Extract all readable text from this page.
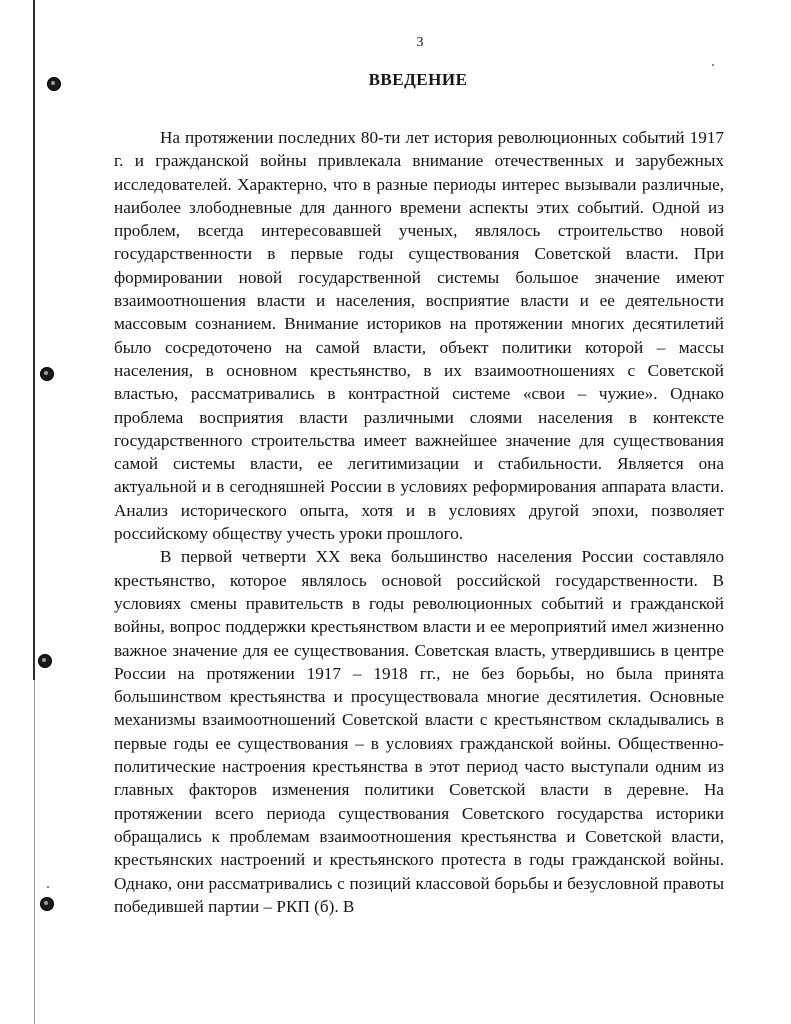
3
ВВЕДЕНИЕ

На протяжении последних 80-ти лет история революционных событий 1917 г. и гражданской войны привлекала внимание отечественных и зарубежных исследователей. Характерно, что в разные периоды интерес вызывали различные, наиболее злободневные для данного времени аспекты этих событий. Одной из проблем, всегда интересовавшей ученых, являлось строительство новой государственности в первые годы существования Советской власти. При формировании новой государственной системы большое значение имеют взаимоотношения власти и населения, восприятие власти и ее деятельности массовым сознанием. Внимание историков на протяжении многих десятилетий было сосредоточено на самой власти, объект политики которой – массы населения, в основном крестьянство, в их взаимоотношениях с Советской властью, рассматривались в контрастной системе «свои – чужие». Однако проблема восприятия власти различными слоями населения в контексте государственного строительства имеет важнейшее значение для существования самой системы власти, ее легитимизации и стабильности. Является она актуальной и в сегодняшней России в условиях реформирования аппарата власти. Анализ исторического опыта, хотя и в условиях другой эпохи, позволяет российскому обществу учесть уроки прошлого.

В первой четверти XX века большинство населения России составляло крестьянство, которое являлось основой российской государственности. В условиях смены правительств в годы революционных событий и гражданской войны, вопрос поддержки крестьянством власти и ее мероприятий имел жизненно важное значение для ее существования. Советская власть, утвердившись в центре России на протяжении 1917 – 1918 гг., не без борьбы, но была принята большинством крестьянства и просуществовала многие десятилетия. Основные механизмы взаимоотношений Советской власти с крестьянством складывались в первые годы ее существования – в условиях гражданской войны. Общественно-политические настроения крестьянства в этот период часто выступали одним из главных факторов изменения политики Советской власти в деревне. На протяжении всего периода существования Советского государства историки обращались к проблемам взаимоотношения крестьянства и Советской власти, крестьянских настроений и крестьянского протеста в годы гражданской войны. Однако, они рассматривались с позиций классовой борьбы и безусловной правоты победившей партии – РКП (б). В
